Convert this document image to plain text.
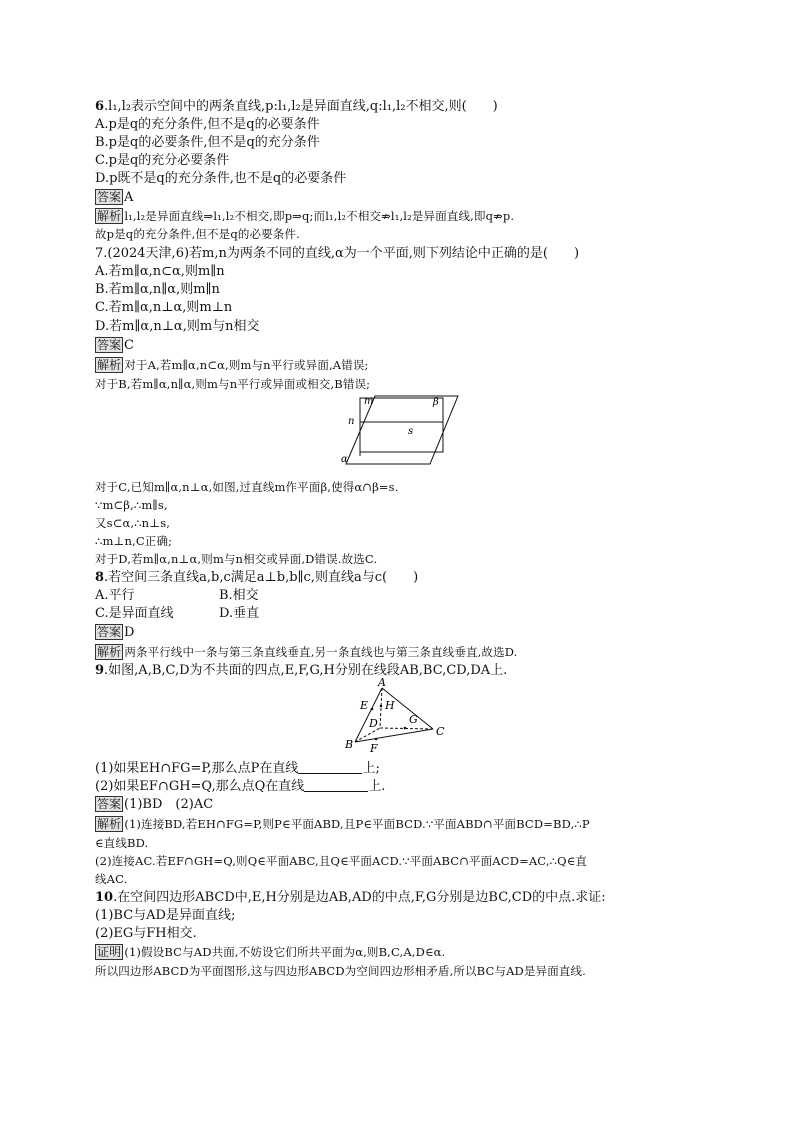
6.l₁,l₂表示空间中的两条直线,p:l₁,l₂是异面直线,q:l₁,l₂不相交,则(　　)
A.p是q的充分条件,但不是q的必要条件
B.p是q的必要条件,但不是q的充分条件
C.p是q的充分必要条件
D.p既不是q的充分条件,也不是q的必要条件
答案 A
解析 l₁,l₂是异面直线⇒l₁,l₂不相交,即p⇒q;而l₁,l₂不相交⇏l₁,l₂是异面直线,即q⇏p.
故p是q的充分条件,但不是q的必要条件.
7.(2024天津,6)若m,n为两条不同的直线,α为一个平面,则下列结论中正确的是(　　)
A.若m∥α,n⊂α,则m∥n
B.若m∥α,n∥α,则m∥n
C.若m∥α,n⊥α,则m⊥n
D.若m∥α,n⊥α,则m与n相交
答案 C
解析 对于A,若m∥α,n⊂α,则m与n平行或异面,A错误;
对于B,若m∥α,n∥α,则m与n平行或异面或相交,B错误;
m	β
n
s
α
对于C,已知m∥α,n⊥α,如图,过直线m作平面β,使得α∩β=s.
∵m⊂β,∴m∥s,
又s⊂α,∴n⊥s,
∴m⊥n,C正确;
对于D,若m∥α,n⊥α,则m与n相交或异面,D错误.故选C.
8.若空间三条直线a,b,c满足a⊥b,b∥c,则直线a与c(　　)
A.平行	B.相交
C.是异面直线	D.垂直
答案 D
解析 两条平行线中一条与第三条直线垂直,另一条直线也与第三条直线垂直,故选D.
9.如图,A,B,C,D为不共面的四点,E,F,G,H分别在线段AB,BC,CD,DA上.
A
E H
D	G
C
B F
(1)如果EH∩FG=P,那么点P在直线	上;
(2)如果EF∩GH=Q,那么点Q在直线	上.
答案 (1)BD　(2)AC
解析 (1)连接BD,若EH∩FG=P,则P∈平面ABD,且P∈平面BCD.∵平面ABD∩平面BCD=BD,∴P
∈直线BD.
(2)连接AC.若EF∩GH=Q,则Q∈平面ABC,且Q∈平面ACD.∵平面ABC∩平面ACD=AC,∴Q∈直
线AC.
10.在空间四边形ABCD中,E,H分别是边AB,AD的中点,F,G分别是边BC,CD的中点.求证:
(1)BC与AD是异面直线;
(2)EG与FH相交.
证明 (1)假设BC与AD共面,不妨设它们所共平面为α,则B,C,A,D∈α.
所以四边形ABCD为平面图形,这与四边形ABCD为空间四边形相矛盾,所以BC与AD是异面直线.
